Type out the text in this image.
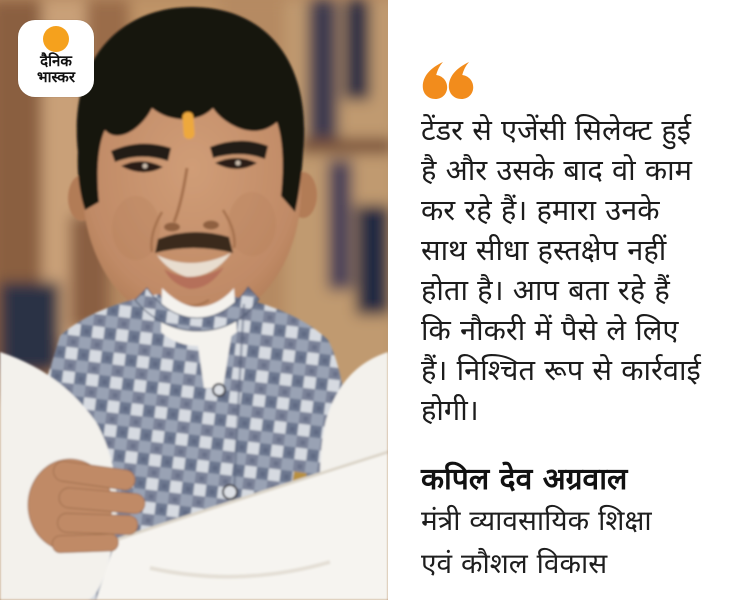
दैनिक
भास्कर
टेंडर से एजेंसी सिलेक्ट हुई
है और उसके बाद वो काम
कर रहे हैं। हमारा उनके
साथ सीधा हस्तक्षेप नहीं
होता है। आप बता रहे हैं
कि नौकरी में पैसे ले लिए
हैं। निश्चित रूप से कार्रवाई
होगी।
कपिल देव अग्रवाल
मंत्री व्यावसायिक शिक्षा
एवं कौशल विकास
